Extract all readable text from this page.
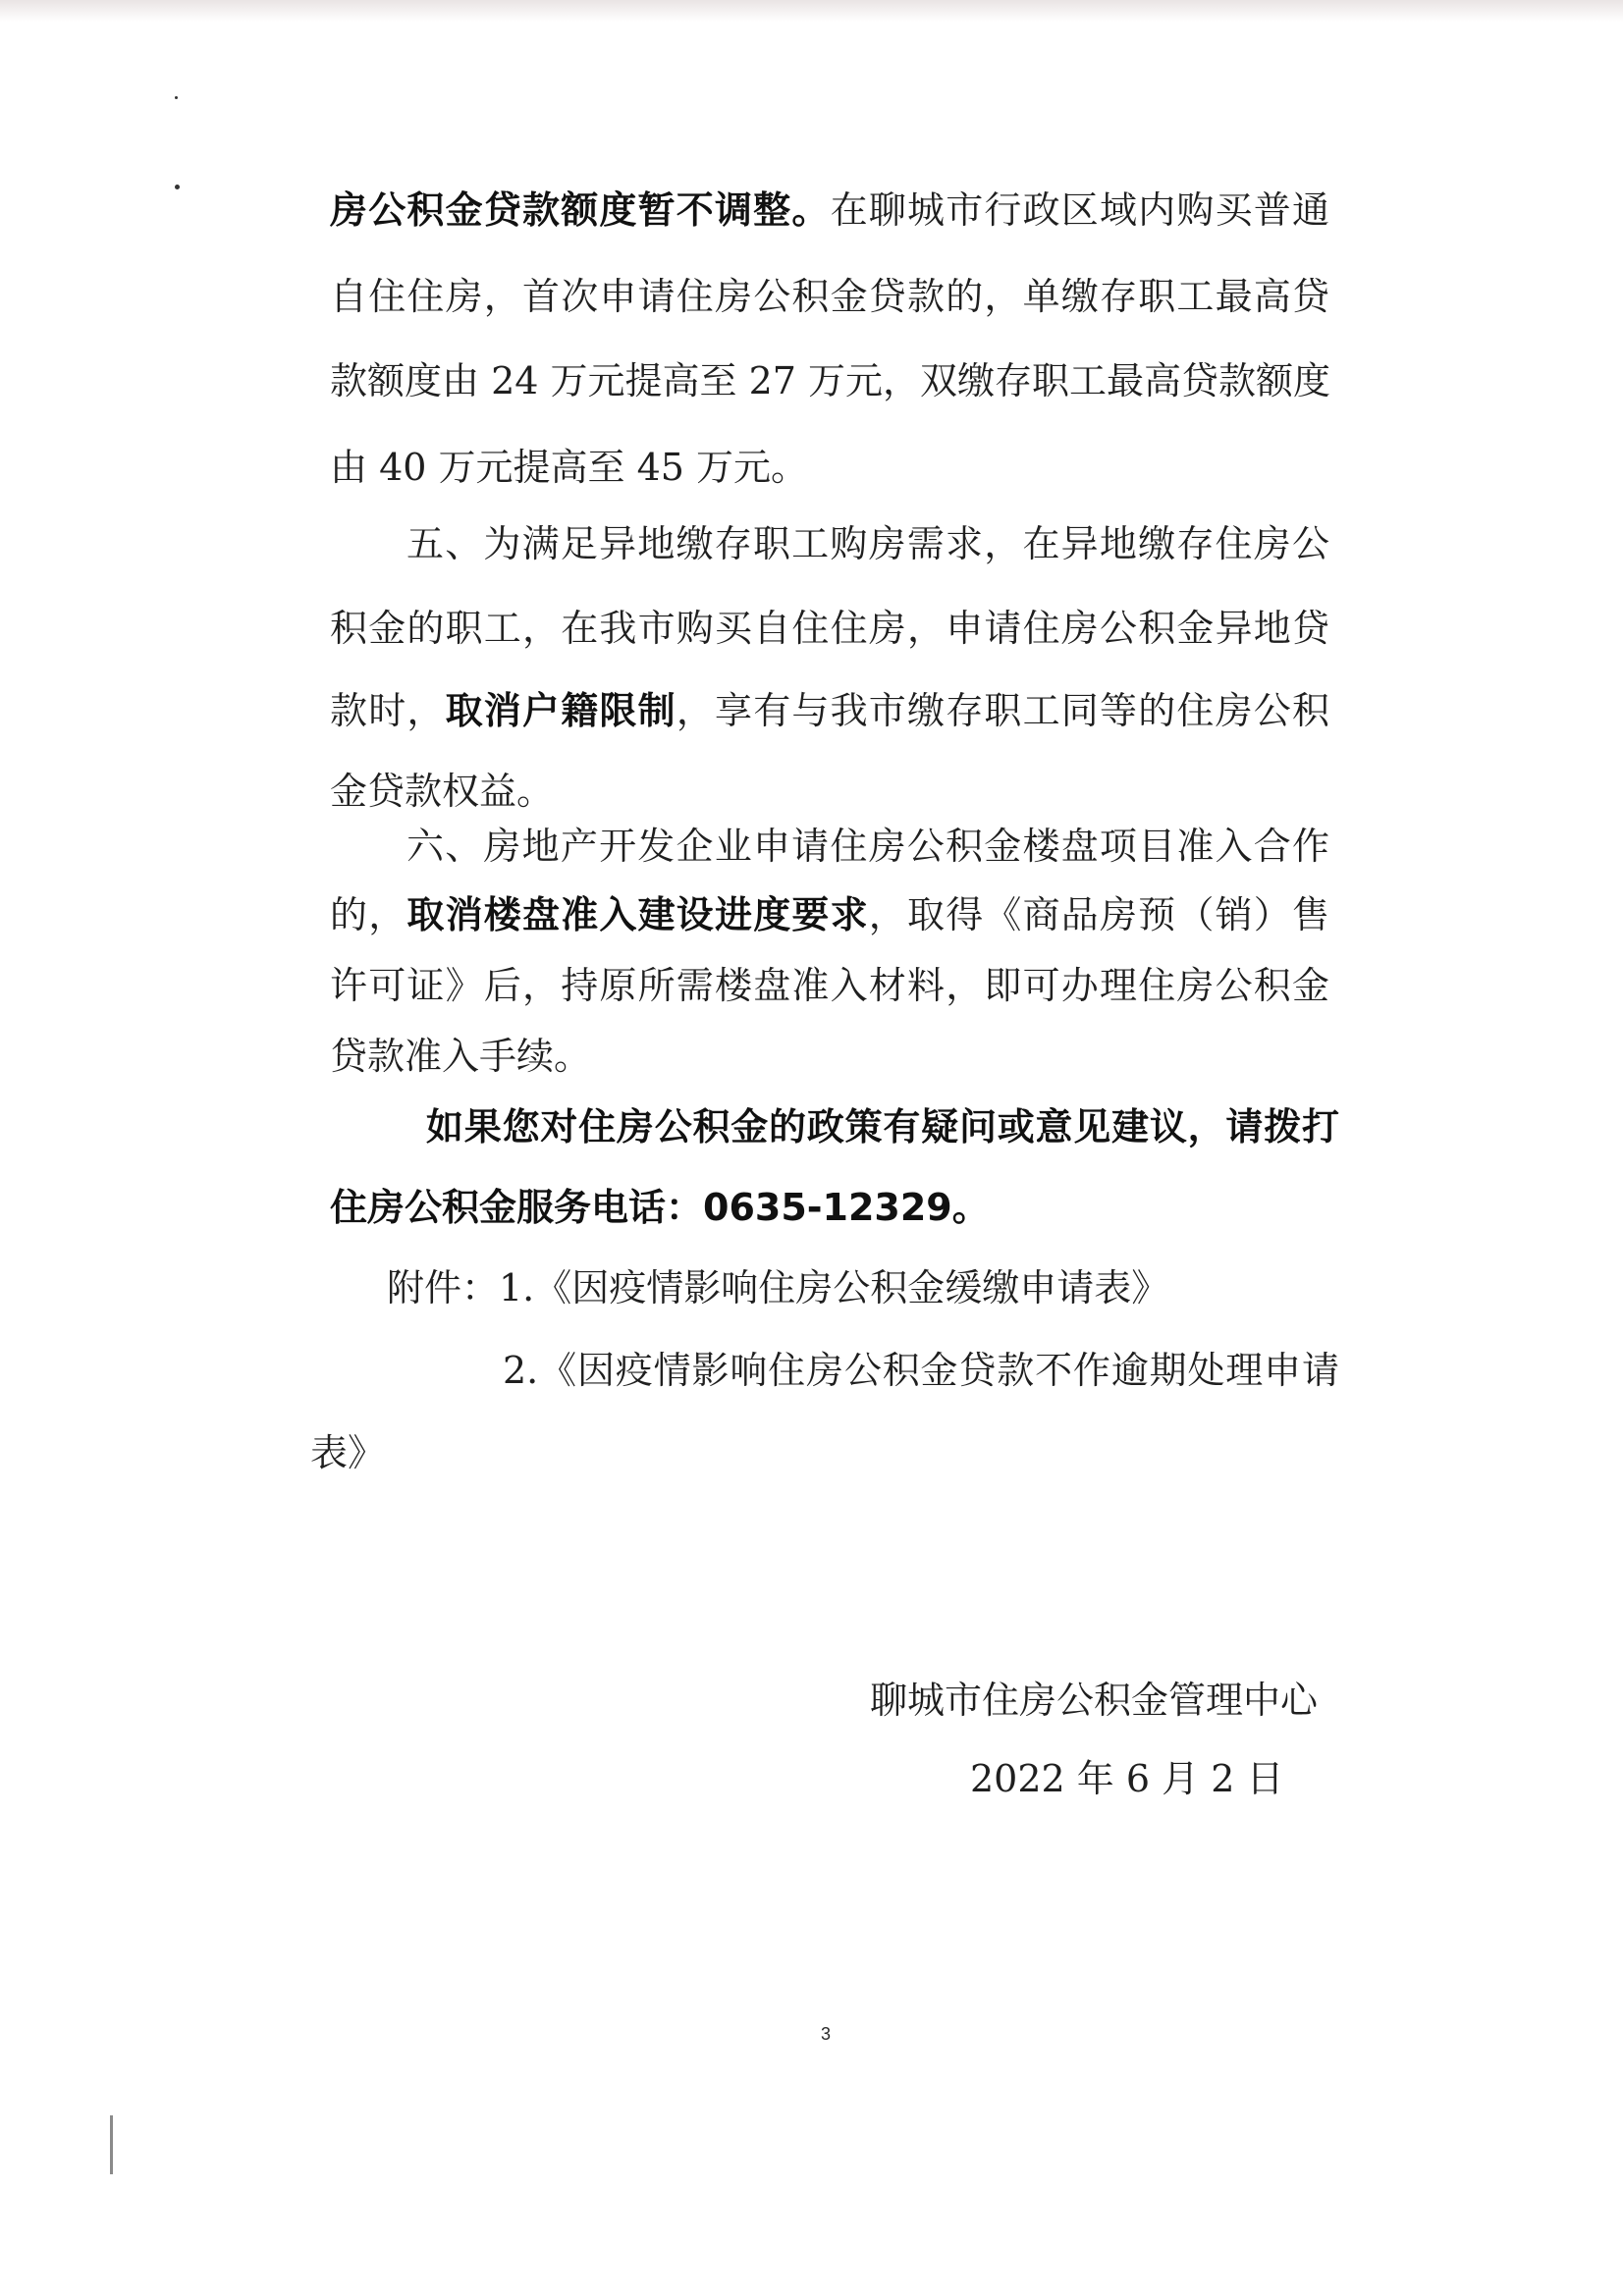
房公积金贷款额度暂不调整。在聊城市行政区域内购买普通
自住住房，首次申请住房公积金贷款的，单缴存职工最高贷
款额度由 24 万元提高至 27 万元，双缴存职工最高贷款额度
由 40 万元提高至 45 万元。
五、为满足异地缴存职工购房需求，在异地缴存住房公
积金的职工，在我市购买自住住房，申请住房公积金异地贷
款时，取消户籍限制，享有与我市缴存职工同等的住房公积
金贷款权益。
六、房地产开发企业申请住房公积金楼盘项目准入合作
的，取消楼盘准入建设进度要求，取得《商品房预（销）售
许可证》后，持原所需楼盘准入材料，即可办理住房公积金
贷款准入手续。
如果您对住房公积金的政策有疑问或意见建议，请拨打
住房公积金服务电话：0635-12329。
附件：1.《因疫情影响住房公积金缓缴申请表》
2.《因疫情影响住房公积金贷款不作逾期处理申请
表》
聊城市住房公积金管理中心
2022 年 6 月 2 日
3
